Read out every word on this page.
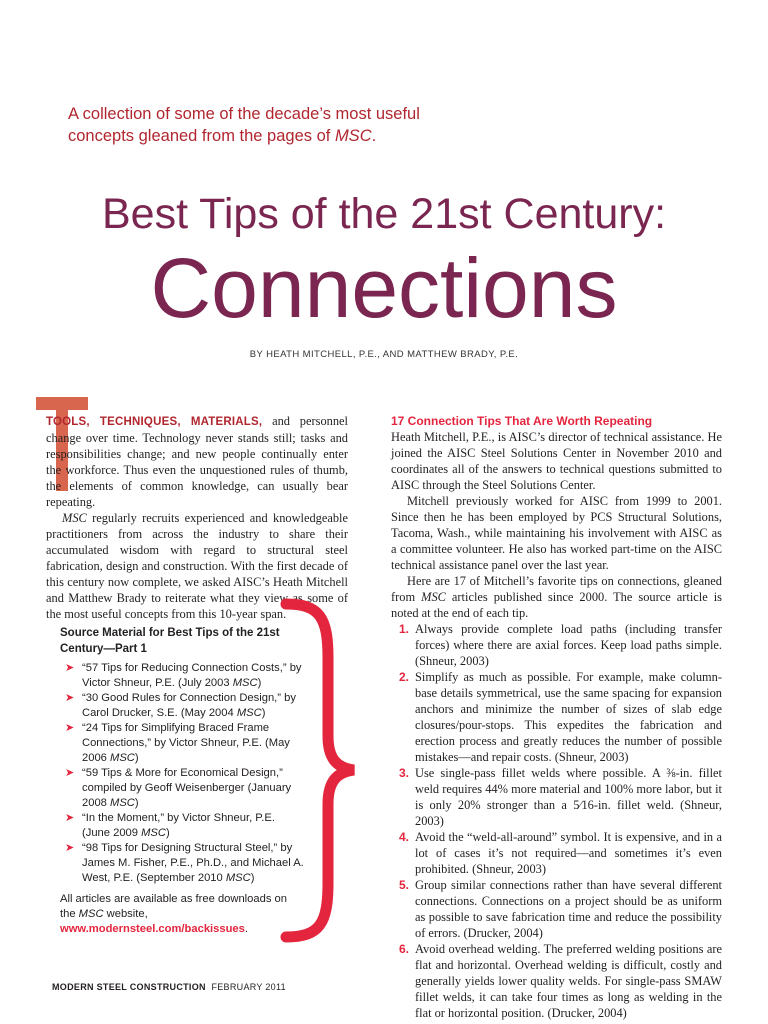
A collection of some of the decade’s most useful
concepts gleaned from the pages of MSC.
Best Tips of the 21st Century:
Connections
BY HEATH MITCHELL, P.E., AND MATTHEW BRADY, P.E.

TOOLS, TECHNIQUES, MATERIALS, and personnel change over time. Technology never stands still; tasks and responsibilities change; and new people continually enter the workforce. Thus even the unquestioned rules of thumb, the elements of common knowledge, can usually bear repeating.

MSC regularly recruits experienced and knowledgeable practitioners from across the industry to share their accumulated wisdom with regard to structural steel fabrication, design and construction. With the first decade of this century now complete, we asked AISC’s Heath Mitchell and Matthew Brady to reiterate what they view as some of the most useful concepts from this 10-year span.

Source Material for Best Tips of the 21st Century—Part 1
➤ “57 Tips for Reducing Connection Costs,” by Victor Shneur, P.E. (July 2003 MSC)
➤ “30 Good Rules for Connection Design,” by Carol Drucker, S.E. (May 2004 MSC)
➤ “24 Tips for Simplifying Braced Frame Connections,” by Victor Shneur, P.E. (May 2006 MSC)
➤ “59 Tips & More for Economical Design,” compiled by Geoff Weisenberger (January 2008 MSC)
➤ “In the Moment,” by Victor Shneur, P.E. (June 2009 MSC)
➤ “98 Tips for Designing Structural Steel,” by James M. Fisher, P.E., Ph.D., and Michael A. West, P.E. (September 2010 MSC)
All articles are available as free downloads on the MSC website, www.modernsteel.com/backissues.
17 Connection Tips That Are Worth Repeating

Heath Mitchell, P.E., is AISC’s director of technical assistance. He joined the AISC Steel Solutions Center in November 2010 and coordinates all of the answers to technical questions submitted to AISC through the Steel Solutions Center.

Mitchell previously worked for AISC from 1999 to 2001. Since then he has been employed by PCS Structural Solutions, Tacoma, Wash., while maintaining his involvement with AISC as a committee volunteer. He also has worked part-time on the AISC technical assistance panel over the last year.

Here are 17 of Mitchell’s favorite tips on connections, gleaned from MSC articles published since 2000. The source article is noted at the end of each tip.

1. Always provide complete load paths (including transfer forces) where there are axial forces. Keep load paths simple. (Shneur, 2003)
2. Simplify as much as possible. For example, make column-base details symmetrical, use the same spacing for expansion anchors and minimize the number of sizes of slab edge closures/pour-stops. This expedites the fabrication and erection process and greatly reduces the number of possible mistakes—and repair costs. (Shneur, 2003)
3. Use single-pass fillet welds where possible. A ⅜-in. fillet weld requires 44% more material and 100% more labor, but it is only 20% stronger than a 5⁄16-in. fillet weld. (Shneur, 2003)
4. Avoid the “weld-all-around” symbol. It is expensive, and in a lot of cases it’s not required—and sometimes it’s even prohibited. (Shneur, 2003)
5. Group similar connections rather than have several different connections. Connections on a project should be as uniform as possible to save fabrication time and reduce the possibility of errors. (Drucker, 2004)
6. Avoid overhead welding. The preferred welding positions are flat and horizontal. Overhead welding is difficult, costly and generally yields lower quality welds. For single-pass SMAW fillet welds, it can take four times as long as welding in the flat or horizontal position. (Drucker, 2004)
MODERN STEEL CONSTRUCTION FEBRUARY 2011
